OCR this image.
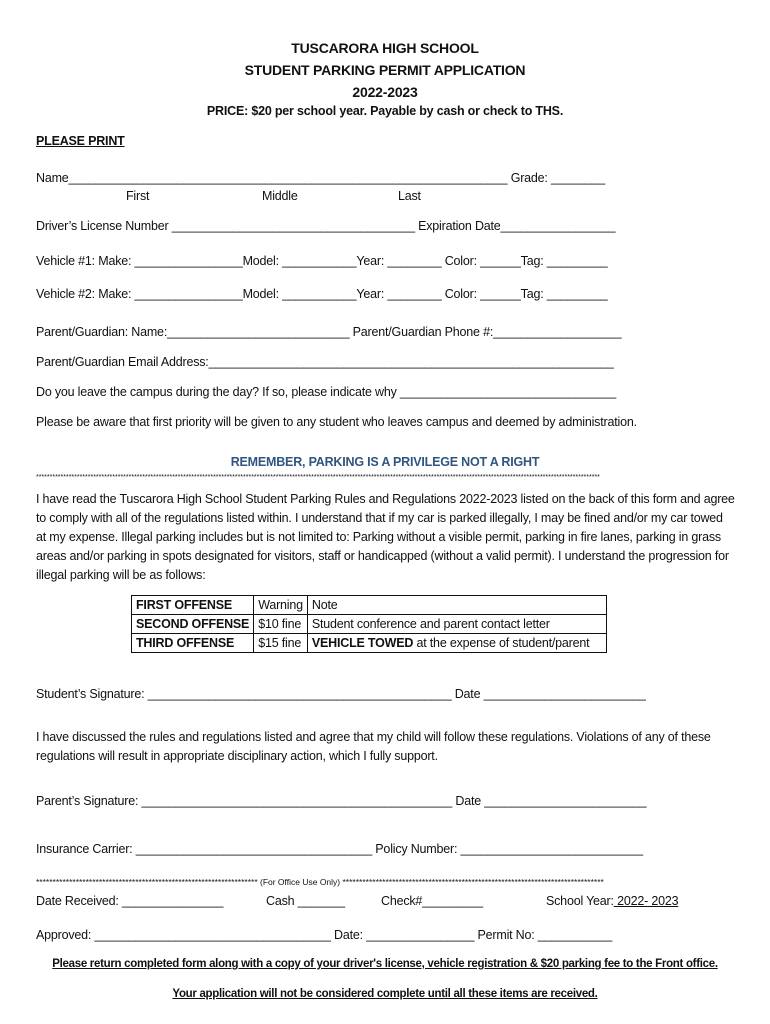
TUSCARORA HIGH SCHOOL
STUDENT PARKING PERMIT APPLICATION
2022-2023
PRICE: $20 per school year. Payable by cash or check to THS.
PLEASE PRINT
Name_________________________________________________________________ Grade: ________
First	Middle	Last
Driver’s License Number ____________________________________ Expiration Date_________________
Vehicle #1: Make: ________________Model: ___________Year: ________ Color: ______Tag: _________
Vehicle #2: Make: ________________Model: ___________Year: ________ Color: ______Tag: _________
Parent/Guardian: Name:___________________________ Parent/Guardian Phone #:___________________
Parent/Guardian Email Address:____________________________________________________________
Do you leave the campus during the day? If so, please indicate why ________________________________
Please be aware that first priority will be given to any student who leaves campus and deemed by administration.
REMEMBER, PARKING IS A PRIVILEGE NOT A RIGHT
***************************************************************************************************************************************************************************************************************
I have read the Tuscarora High School Student Parking Rules and Regulations 2022-2023 listed on the back of this form and agree to comply with all of the regulations listed within. I understand that if my car is parked illegally, I may be fined and/or my car towed at my expense. Illegal parking includes but is not limited to: Parking without a visible permit, parking in fire lanes, parking in grass areas and/or parking in spots designated for visitors, staff or handicapped (without a valid permit). I understand the progression for illegal parking will be as follows:
FIRST OFFENSE	Warning	Note
SECOND OFFENSE	$10 fine	Student conference and parent contact letter
THIRD OFFENSE	$15 fine	VEHICLE TOWED at the expense of student/parent
Student’s Signature: _____________________________________________ Date ________________________
I have discussed the rules and regulations listed and agree that my child will follow these regulations. Violations of any of these regulations will result in appropriate disciplinary action, which I fully support.
Parent’s Signature: ______________________________________________ Date ________________________
Insurance Carrier: ___________________________________ Policy Number: ___________________________
******************************************************************* (For Office Use Only) *******************************************************************************
Date Received: _______________	Cash _______	Check#_________	School Year: 2022- 2023
Approved: ___________________________________ Date: ________________ Permit No: ___________
Please return completed form along with a copy of your driver's license, vehicle registration & $20 parking fee to the Front office.
Your application will not be considered complete until all these items are received.
